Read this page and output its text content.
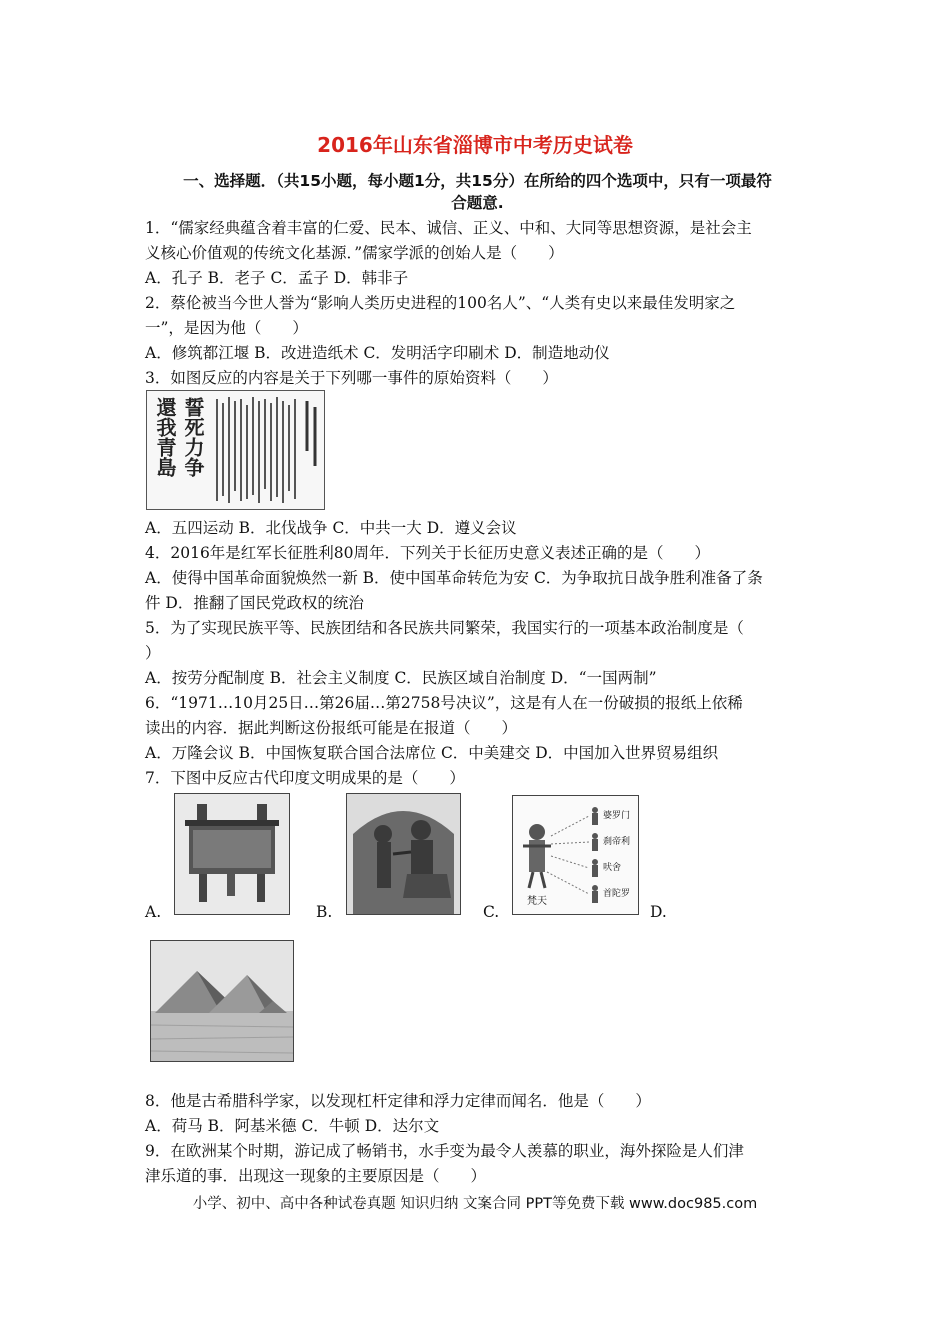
2016年山东省淄博市中考历史试卷
一、选择题．（共15小题，每小题1分，共15分）在所给的四个选项中，只有一项最符
合题意.
1．“儒家经典蕴含着丰富的仁爱、民本、诚信、正义、中和、大同等思想资源，是社会主
义核心价值观的传统文化基源．”儒家学派的创始人是（　　）
A．孔子 B．老子 C．孟子 D．韩非子
2．蔡伦被当今世人誉为“影响人类历史进程的100名人”、“人类有史以来最佳发明家之
一”，是因为他（　　）
A．修筑都江堰 B．改进造纸术 C．发明活字印刷术 D．制造地动仪
3．如图反应的内容是关于下列哪一事件的原始资料（　　）
誓死力争
還我青島
A．五四运动 B．北伐战争 C．中共一大 D．遵义会议
4．2016年是红军长征胜利80周年．下列关于长征历史意义表述正确的是（　　）
A．使得中国革命面貌焕然一新 B．使中国革命转危为安 C．为争取抗日战争胜利准备了条
件 D．推翻了国民党政权的统治
5．为了实现民族平等、民族团结和各民族共同繁荣，我国实行的一项基本政治制度是（
）
A．按劳分配制度 B．社会主义制度 C．民族区域自治制度 D．“一国两制”
6．“1971…10月25日…第26届…第2758号决议”，这是有人在一份破损的报纸上依稀
读出的内容．据此判断这份报纸可能是在报道（　　）
A．万隆会议 B．中国恢复联合国合法席位 C．中美建交 D．中国加入世界贸易组织
7．下图中反应古代印度文明成果的是（　　）
A.	B.
婆罗门
刹帝利
吠舍
首陀罗
梵天
C.	D.
8．他是古希腊科学家，以发现杠杆定律和浮力定律而闻名．他是（　　）
A．荷马 B．阿基米德 C．牛顿 D．达尔文
9．在欧洲某个时期，游记成了畅销书，水手变为最令人羡慕的职业，海外探险是人们津
津乐道的事．出现这一现象的主要原因是（　　）
小学、初中、高中各种试卷真题 知识归纳 文案合同 PPT等免费下载 www.doc985.com
